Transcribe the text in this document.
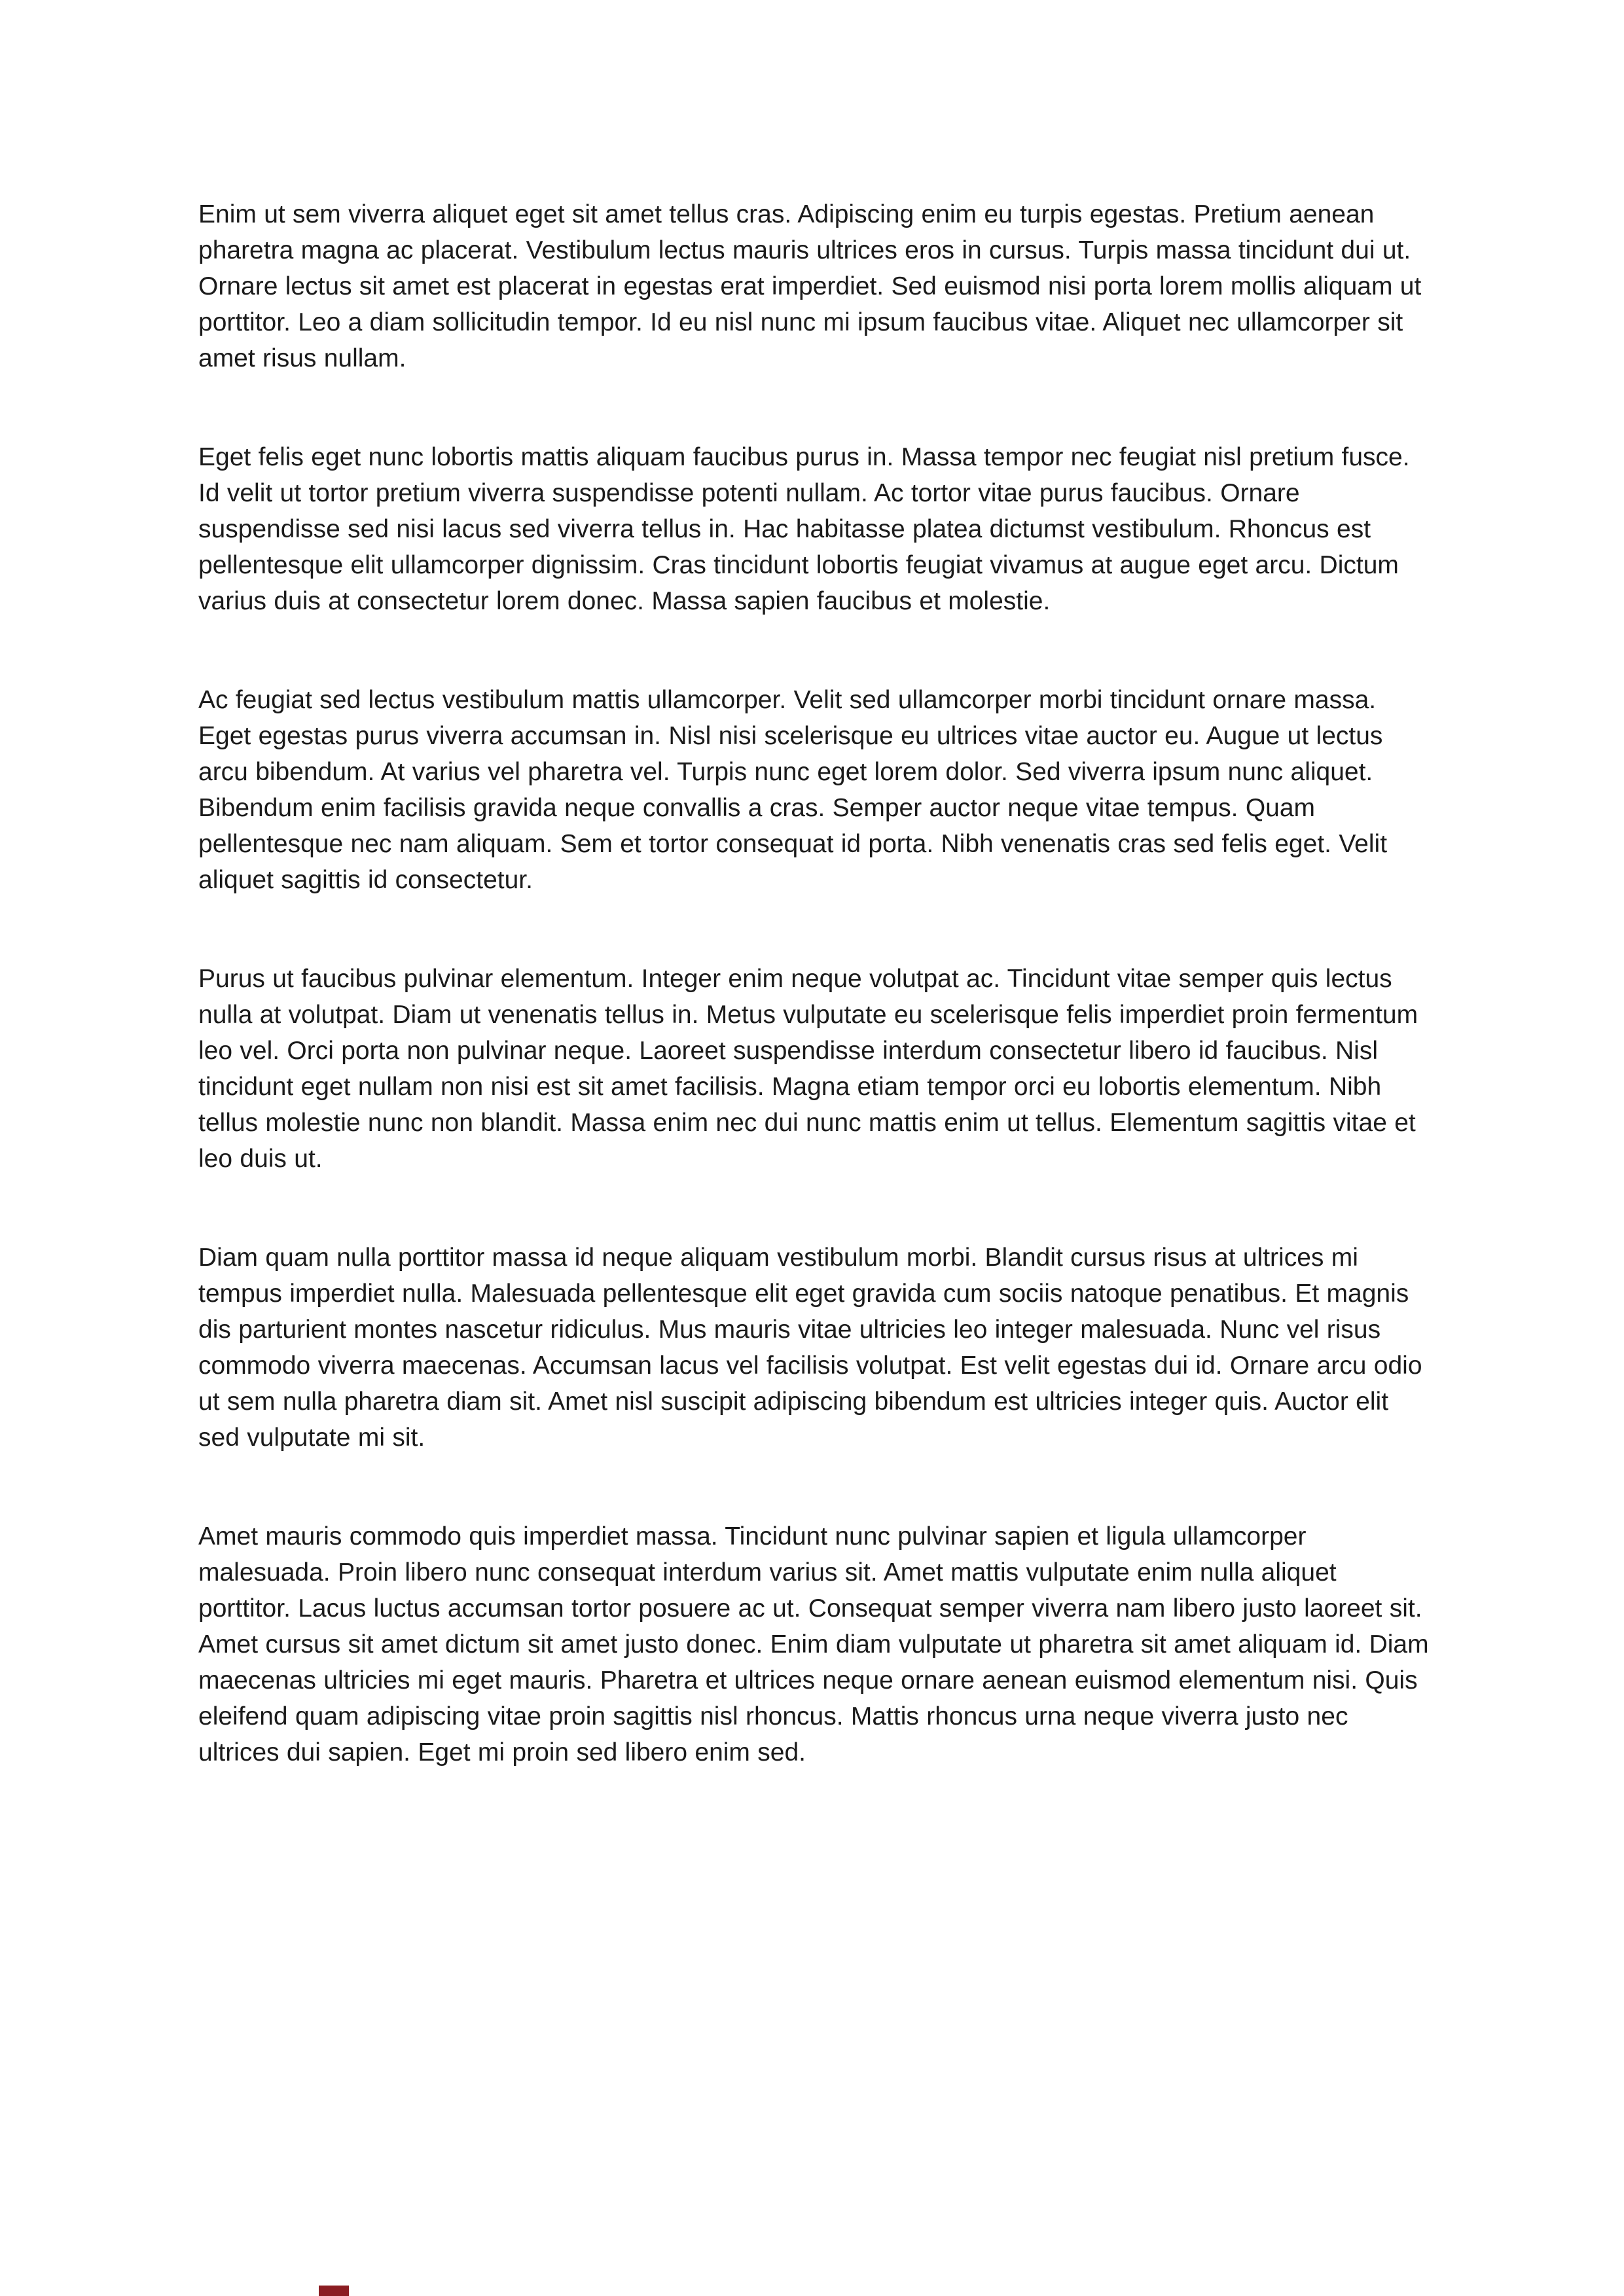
Enim ut sem viverra aliquet eget sit amet tellus cras. Adipiscing enim eu turpis egestas. Pretium aenean pharetra magna ac placerat. Vestibulum lectus mauris ultrices eros in cursus. Turpis massa tincidunt dui ut. Ornare lectus sit amet est placerat in egestas erat imperdiet. Sed euismod nisi porta lorem mollis aliquam ut porttitor. Leo a diam sollicitudin tempor. Id eu nisl nunc mi ipsum faucibus vitae. Aliquet nec ullamcorper sit amet risus nullam.

Eget felis eget nunc lobortis mattis aliquam faucibus purus in. Massa tempor nec feugiat nisl pretium fusce. Id velit ut tortor pretium viverra suspendisse potenti nullam. Ac tortor vitae purus faucibus. Ornare suspendisse sed nisi lacus sed viverra tellus in. Hac habitasse platea dictumst vestibulum. Rhoncus est pellentesque elit ullamcorper dignissim. Cras tincidunt lobortis feugiat vivamus at augue eget arcu. Dictum varius duis at consectetur lorem donec. Massa sapien faucibus et molestie.

Ac feugiat sed lectus vestibulum mattis ullamcorper. Velit sed ullamcorper morbi tincidunt ornare massa. Eget egestas purus viverra accumsan in. Nisl nisi scelerisque eu ultrices vitae auctor eu. Augue ut lectus arcu bibendum. At varius vel pharetra vel. Turpis nunc eget lorem dolor. Sed viverra ipsum nunc aliquet. Bibendum enim facilisis gravida neque convallis a cras. Semper auctor neque vitae tempus. Quam pellentesque nec nam aliquam. Sem et tortor consequat id porta. Nibh venenatis cras sed felis eget. Velit aliquet sagittis id consectetur.

Purus ut faucibus pulvinar elementum. Integer enim neque volutpat ac. Tincidunt vitae semper quis lectus nulla at volutpat. Diam ut venenatis tellus in. Metus vulputate eu scelerisque felis imperdiet proin fermentum leo vel. Orci porta non pulvinar neque. Laoreet suspendisse interdum consectetur libero id faucibus. Nisl tincidunt eget nullam non nisi est sit amet facilisis. Magna etiam tempor orci eu lobortis elementum. Nibh tellus molestie nunc non blandit. Massa enim nec dui nunc mattis enim ut tellus. Elementum sagittis vitae et leo duis ut.

Diam quam nulla porttitor massa id neque aliquam vestibulum morbi. Blandit cursus risus at ultrices mi tempus imperdiet nulla. Malesuada pellentesque elit eget gravida cum sociis natoque penatibus. Et magnis dis parturient montes nascetur ridiculus. Mus mauris vitae ultricies leo integer malesuada. Nunc vel risus commodo viverra maecenas. Accumsan lacus vel facilisis volutpat. Est velit egestas dui id. Ornare arcu odio ut sem nulla pharetra diam sit. Amet nisl suscipit adipiscing bibendum est ultricies integer quis. Auctor elit sed vulputate mi sit.

Amet mauris commodo quis imperdiet massa. Tincidunt nunc pulvinar sapien et ligula ullamcorper malesuada. Proin libero nunc consequat interdum varius sit. Amet mattis vulputate enim nulla aliquet porttitor. Lacus luctus accumsan tortor posuere ac ut. Consequat semper viverra nam libero justo laoreet sit. Amet cursus sit amet dictum sit amet justo donec. Enim diam vulputate ut pharetra sit amet aliquam id. Diam maecenas ultricies mi eget mauris. Pharetra et ultrices neque ornare aenean euismod elementum nisi. Quis eleifend quam adipiscing vitae proin sagittis nisl rhoncus. Mattis rhoncus urna neque viverra justo nec ultrices dui sapien. Eget mi proin sed libero enim sed.
